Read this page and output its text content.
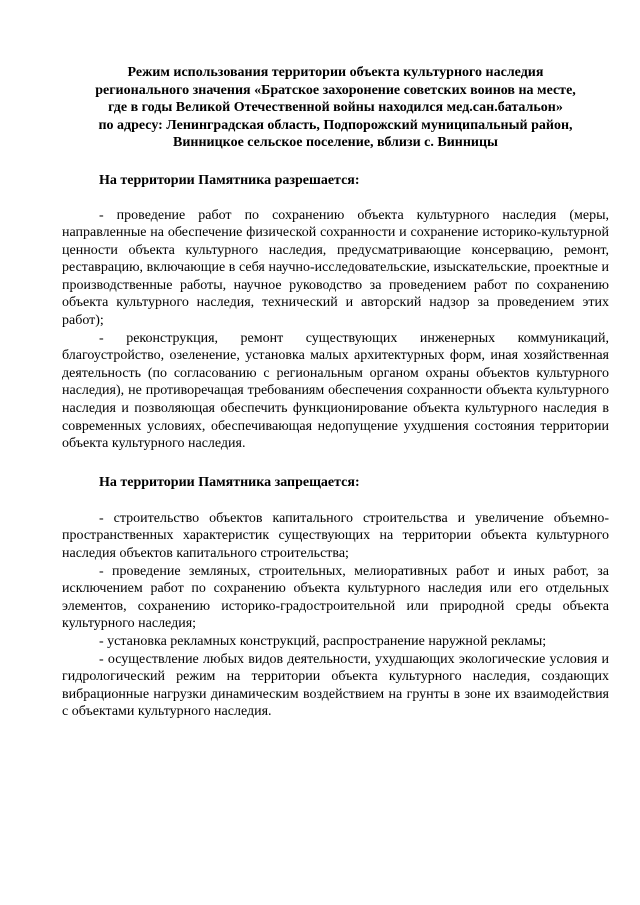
Режим использования территории объекта культурного наследия
регионального значения «Братское захоронение советских воинов на месте,
где в годы Великой Отечественной войны находился мед.сан.батальон»
по адресу: Ленинградская область, Подпорожский муниципальный район,
Винницкое сельское поселение, вблизи с. Винницы
На территории Памятника разрешается:

- проведение работ по сохранению объекта культурного наследия (меры, направленные на обеспечение физической сохранности и сохранение историко-культурной ценности объекта культурного наследия, предусматривающие консервацию, ремонт, реставрацию, включающие в себя научно-исследовательские, изыскательские, проектные и производственные работы, научное руководство за проведением работ по сохранению объекта культурного наследия, технический и авторский надзор за проведением этих работ);

- реконструкция, ремонт существующих инженерных коммуникаций, благоустройство, озеленение, установка малых архитектурных форм, иная хозяйственная деятельность (по согласованию с региональным органом охраны объектов культурного наследия), не противоречащая требованиям обеспечения сохранности объекта культурного наследия и позволяющая обеспечить функционирование объекта культурного наследия в современных условиях, обеспечивающая недопущение ухудшения состояния территории объекта культурного наследия.

На территории Памятника запрещается:

- строительство объектов капитального строительства и увеличение объемно-пространственных характеристик существующих на территории объекта культурного наследия объектов капитального строительства;

- проведение земляных, строительных, мелиоративных работ и иных работ, за исключением работ по сохранению объекта культурного наследия или его отдельных элементов, сохранению историко-градостроительной или природной среды объекта культурного наследия;

- установка рекламных конструкций, распространение наружной рекламы;

- осуществление любых видов деятельности, ухудшающих экологические условия и гидрологический режим на территории объекта культурного наследия, создающих вибрационные нагрузки динамическим воздействием на грунты в зоне их взаимодействия с объектами культурного наследия.
